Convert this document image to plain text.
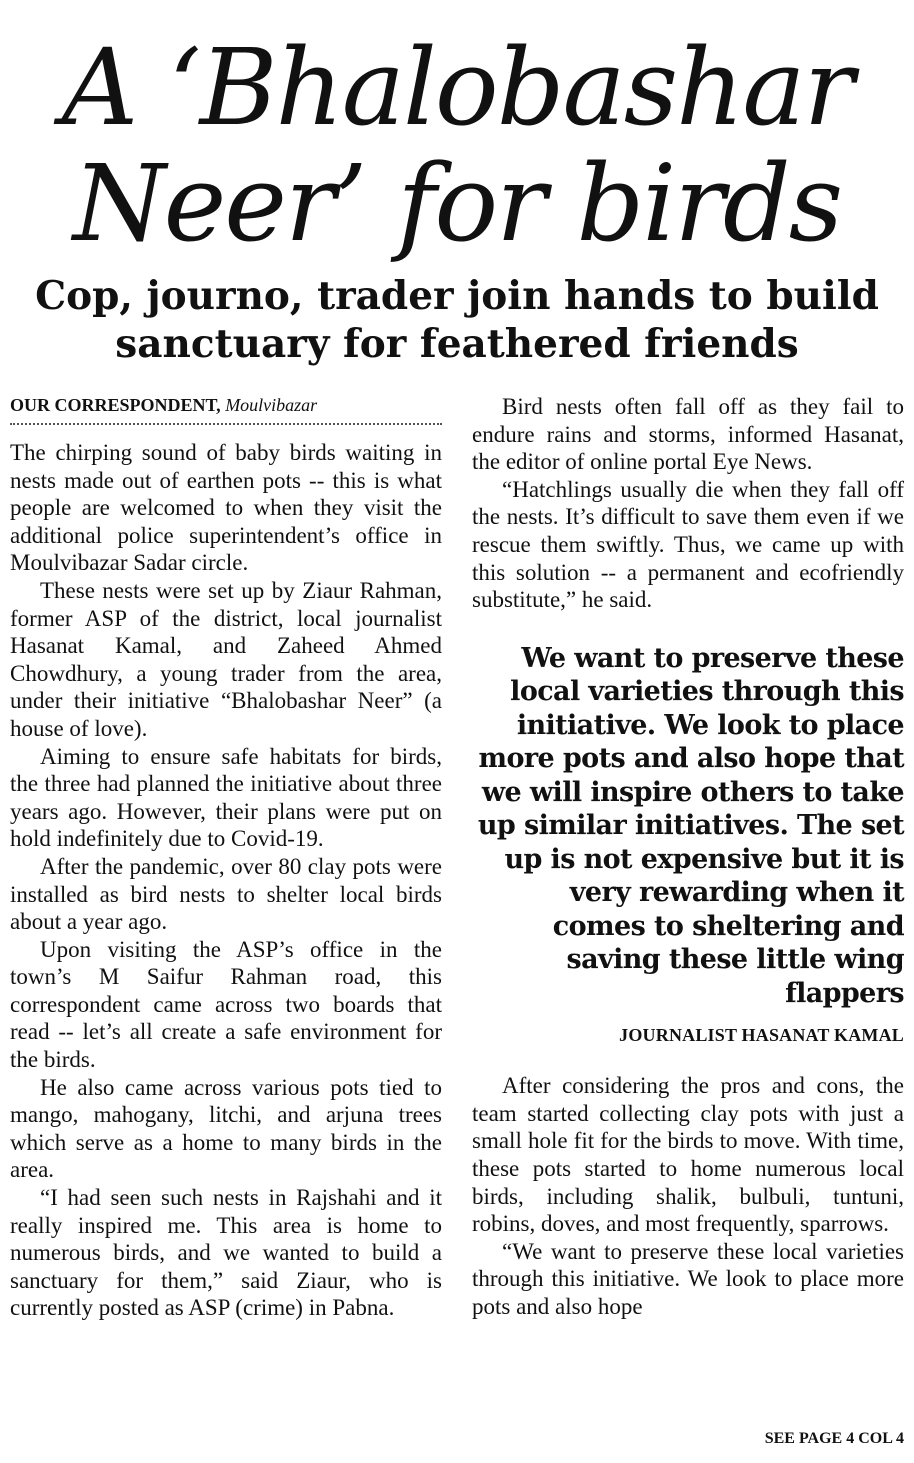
A ‘Bhalobashar
Neer’ for birds
Cop, journo, trader join hands to build
sanctuary for feathered friends
OUR CORRESPONDENT, Moulvibazar

The chirping sound of baby birds waiting in nests made out of earthen pots -- this is what people are welcomed to when they visit the additional police superintendent’s office in Moulvibazar Sadar circle.

These nests were set up by Ziaur Rahman, former ASP of the district, local journalist Hasanat Kamal, and Zaheed Ahmed Chowdhury, a young trader from the area, under their initiative “Bhalobashar Neer” (a house of love).

Aiming to ensure safe habitats for birds, the three had planned the initiative about three years ago. However, their plans were put on hold indefinitely due to Covid-19.

After the pandemic, over 80 clay pots were installed as bird nests to shelter local birds about a year ago.

Upon visiting the ASP’s office in the town’s M Saifur Rahman road, this correspondent came across two boards that read -- let’s all create a safe environment for the birds.

He also came across various pots tied to mango, mahogany, litchi, and arjuna trees which serve as a home to many birds in the area.

“I had seen such nests in Rajshahi and it really inspired me. This area is home to numerous birds, and we wanted to build a sanctuary for them,” said Ziaur, who is currently posted as ASP (crime) in Pabna.

Bird nests often fall off as they fail to endure rains and storms, informed Hasanat, the editor of online portal Eye News.

“Hatchlings usually die when they fall off the nests. It’s difficult to save them even if we rescue them swiftly. Thus, we came up with this solution -- a permanent and ecofriendly substitute,” he said.

We want to preserve these local varieties through this initiative. We look to place more pots and also hope that we will inspire others to take up similar initiatives. The set up is not expensive but it is very rewarding when it comes to sheltering and saving these little wing flappers
JOURNALIST HASANAT KAMAL

After considering the pros and cons, the team started collecting clay pots with just a small hole fit for the birds to move. With time, these pots started to home numerous local birds, including shalik, bulbuli, tuntuni, robins, doves, and most frequently, sparrows.

“We want to preserve these local varieties through this initiative. We look to place more pots and also hope

SEE PAGE 4 COL 4
